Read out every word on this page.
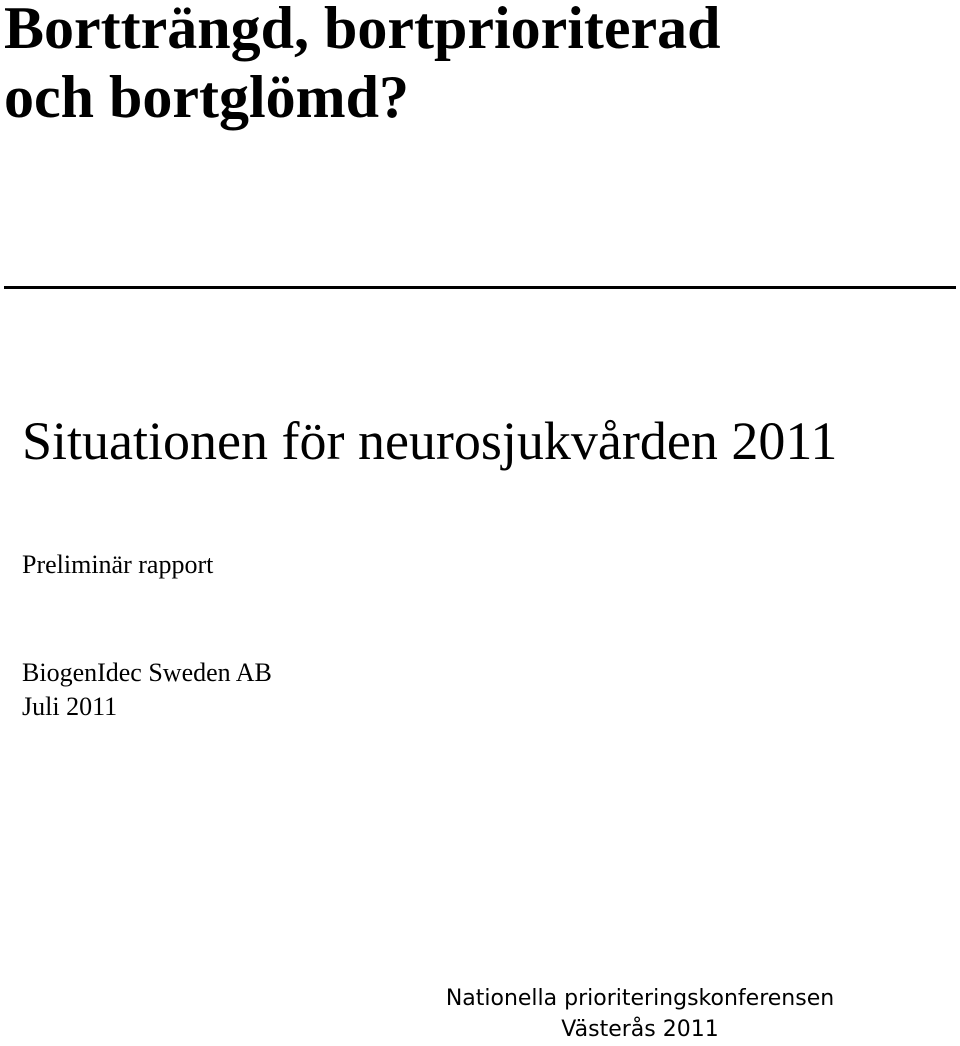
Bortträngd, bortprioriterad
och bortglömd?
Situationen för neurosjukvården 2011

Preliminär rapport

BiogenIdec Sweden AB
Juli 2011
Nationella prioriteringskonferensen
Västerås 2011
